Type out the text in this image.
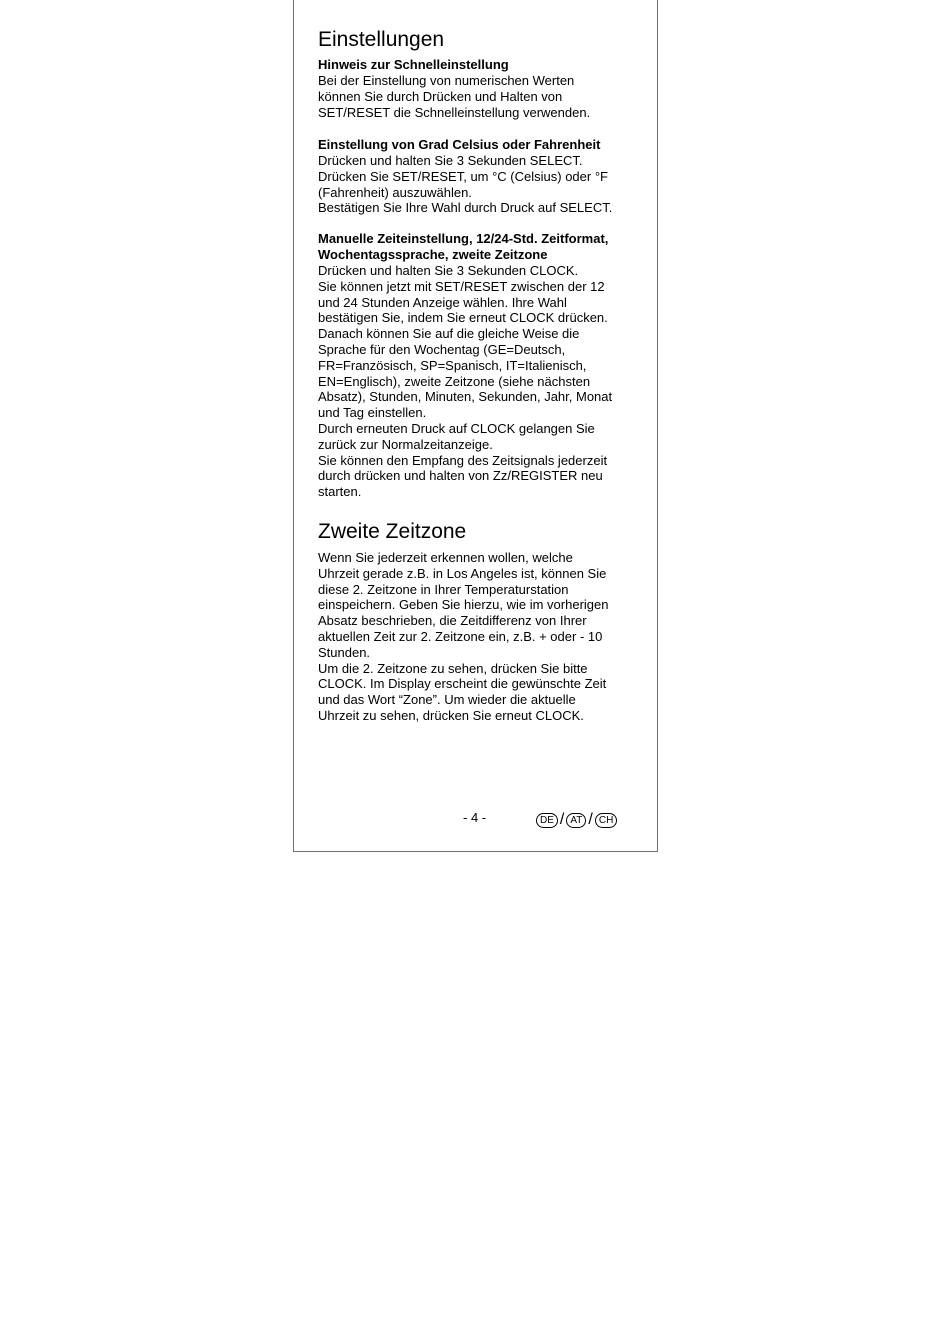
Einstellungen
Hinweis zur Schnelleinstellung

Bei der Einstellung von numerischen Werten

können Sie durch Drücken und Halten von

SET/RESET die Schnelleinstellung verwenden.

Einstellung von Grad Celsius oder Fahrenheit

Drücken und halten Sie 3 Sekunden SELECT.

Drücken Sie SET/RESET, um °C (Celsius) oder °F

(Fahrenheit) auszuwählen.

Bestätigen Sie Ihre Wahl durch Druck auf SELECT.

Manuelle Zeiteinstellung, 12/24-Std. Zeitformat,
Wochentagssprache, zweite Zeitzone

Drücken und halten Sie 3 Sekunden CLOCK.

Sie können jetzt mit SET/RESET zwischen der 12

und 24 Stunden Anzeige wählen. Ihre Wahl

bestätigen Sie, indem Sie erneut CLOCK drücken.

Danach können Sie auf die gleiche Weise die

Sprache für den Wochentag (GE=Deutsch,

FR=Französisch, SP=Spanisch, IT=Italienisch,

EN=Englisch), zweite Zeitzone (siehe nächsten

Absatz), Stunden, Minuten, Sekunden, Jahr, Monat

und Tag einstellen.

Durch erneuten Druck auf CLOCK gelangen Sie

zurück zur Normalzeitanzeige.

Sie können den Empfang des Zeitsignals jederzeit

durch drücken und halten von Zz/REGISTER neu

starten.

Zweite Zeitzone

Wenn Sie jederzeit erkennen wollen, welche

Uhrzeit gerade z.B. in Los Angeles ist, können Sie

diese 2. Zeitzone in Ihrer Temperaturstation

einspeichern. Geben Sie hierzu, wie im vorherigen

Absatz beschrieben, die Zeitdifferenz von Ihrer

aktuellen Zeit zur 2. Zeitzone ein, z.B. + oder - 10

Stunden.

Um die 2. Zeitzone zu sehen, drücken Sie bitte

CLOCK. Im Display erscheint die gewünschte Zeit

und das Wort “Zone”. Um wieder die aktuelle

Uhrzeit zu sehen, drücken Sie erneut CLOCK.

- 4 -	DE / AT / CH
